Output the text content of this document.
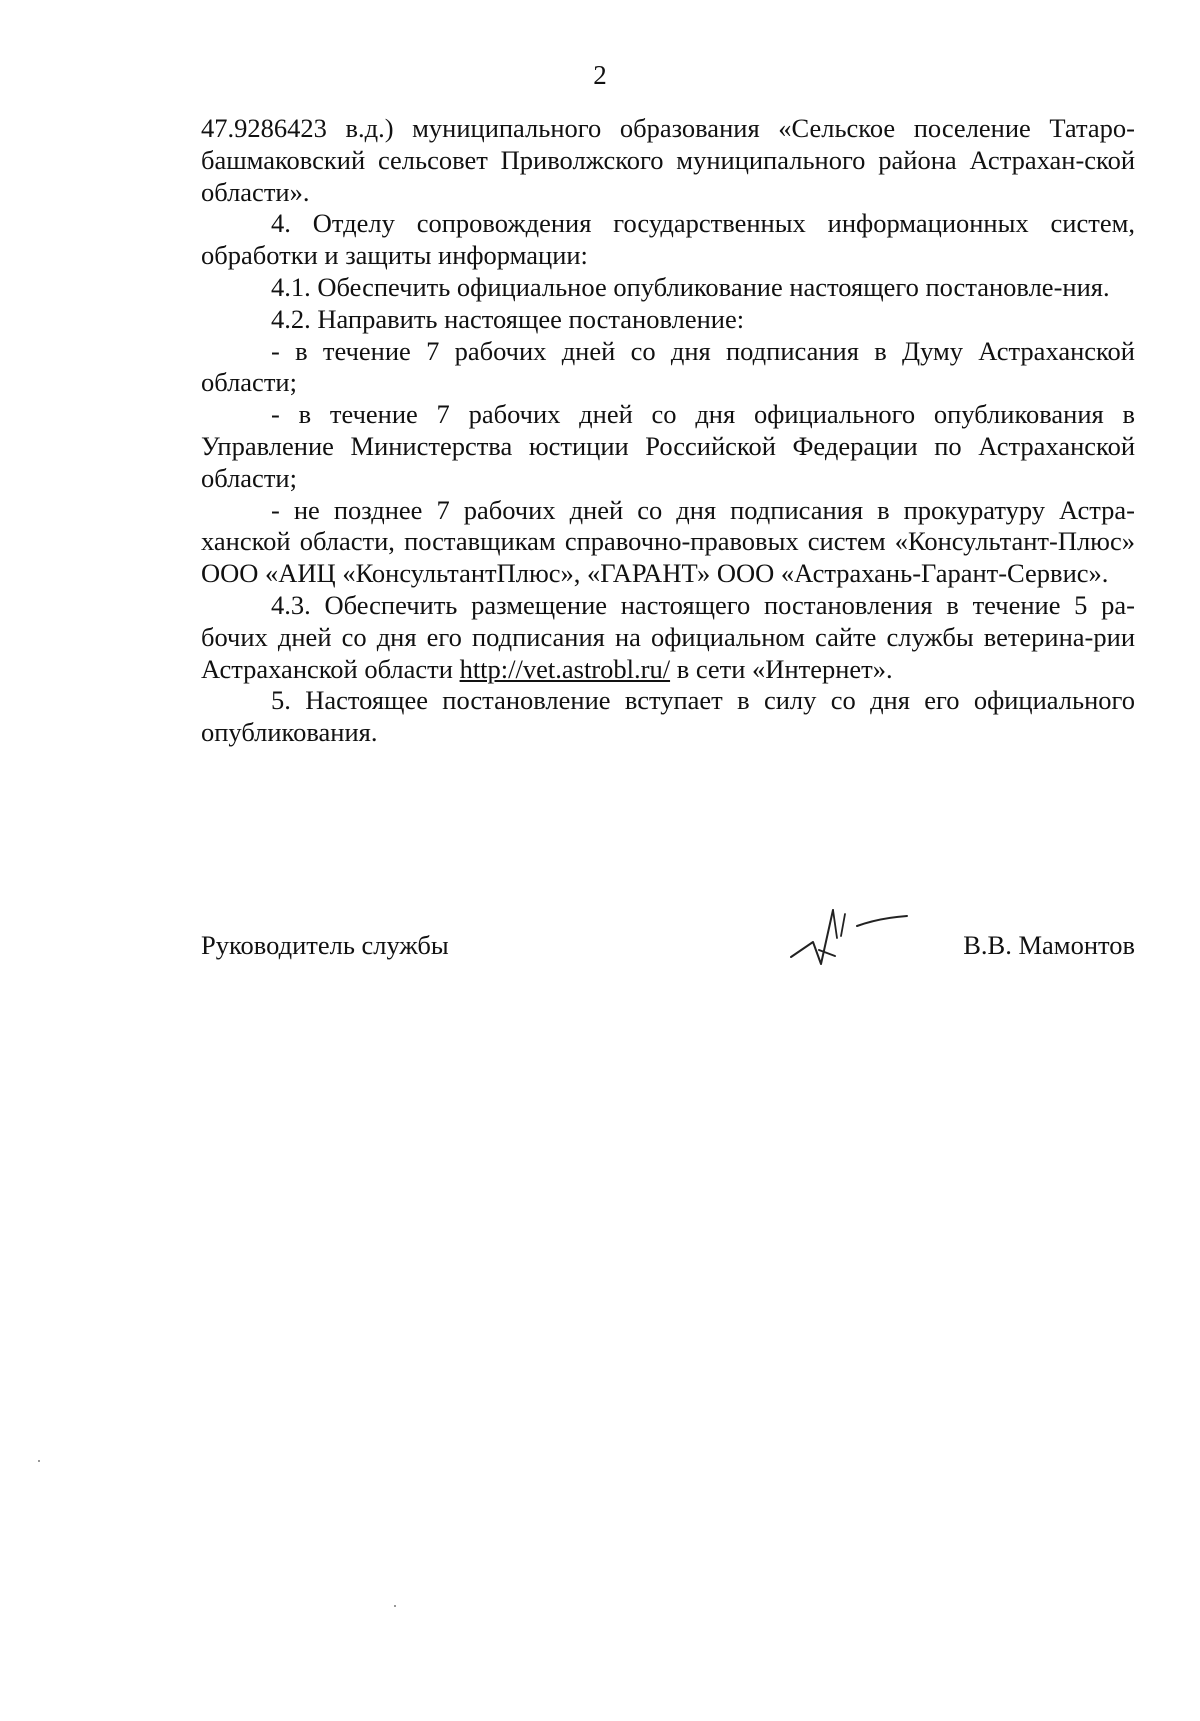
2

47.9286423 в.д.) муниципального образования «Сельское поселение Татаро-башмаковский сельсовет Приволжского муниципального района Астрахан-ской области».

4. Отделу сопровождения государственных информационных систем, обработки и защиты информации:

4.1. Обеспечить официальное опубликование настоящего постановле-ния.

4.2. Направить настоящее постановление:

- в течение 7 рабочих дней со дня подписания в Думу Астраханской области;

- в течение 7 рабочих дней со дня официального опубликования в Управление Министерства юстиции Российской Федерации по Астраханской области;

- не позднее 7 рабочих дней со дня подписания в прокуратуру Астра-ханской области, поставщикам справочно-правовых систем «Консультант-Плюс» ООО «АИЦ «КонсультантПлюс», «ГАРАНТ» ООО «Астрахань-Гарант-Сервис».

4.3. Обеспечить размещение настоящего постановления в течение 5 ра-бочих дней со дня его подписания на официальном сайте службы ветерина-рии Астраханской области http://vet.astrobl.ru/ в сети «Интернет».

5. Настоящее постановление вступает в силу со дня его официального опубликования.

Руководитель службы	В.В. Мамонтов
